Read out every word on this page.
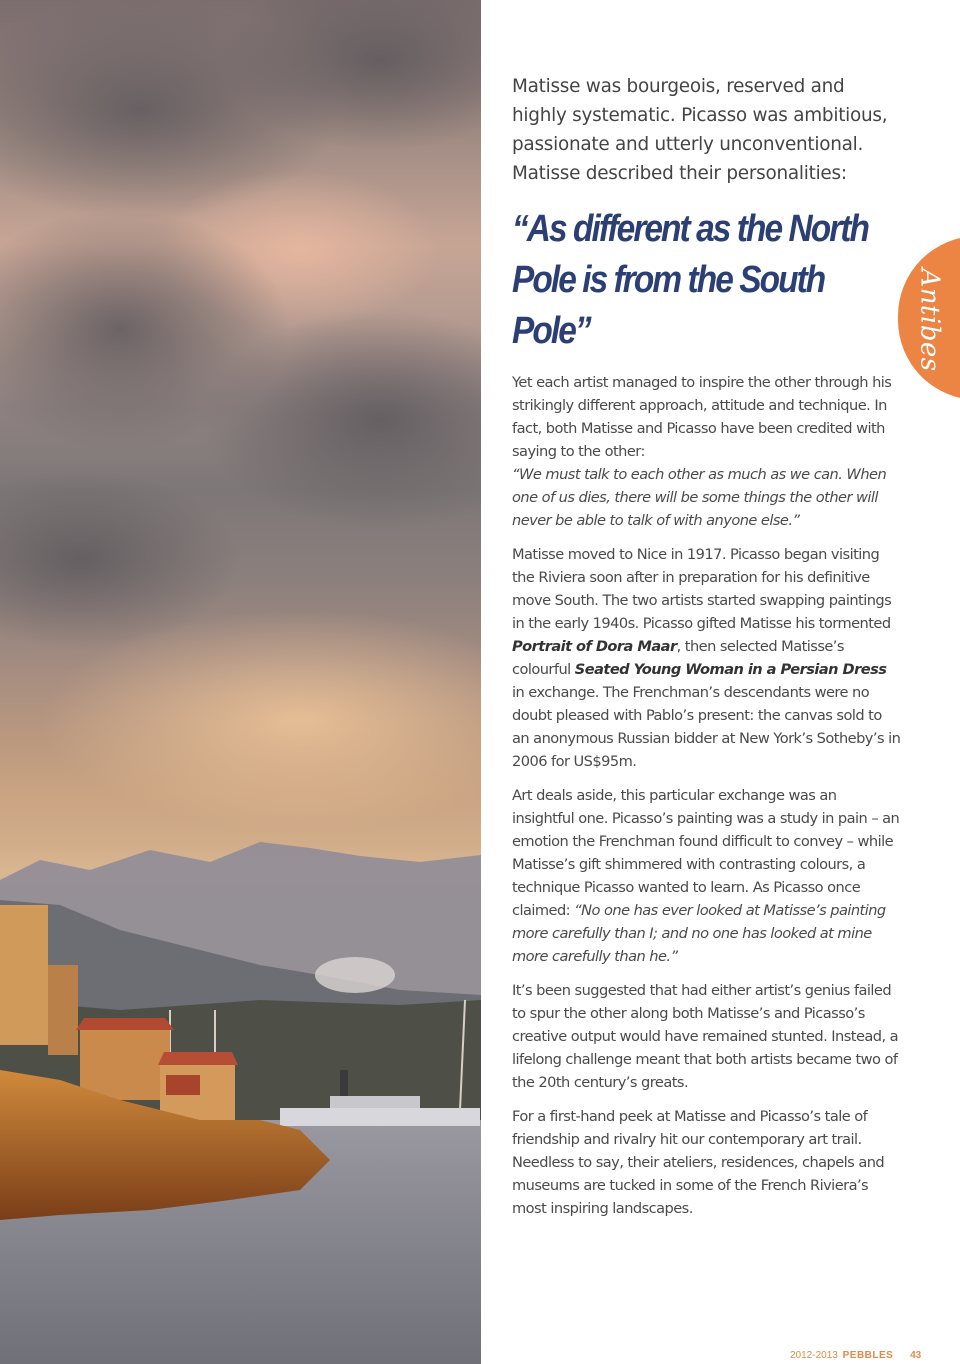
Antibes

Matisse was bourgeois, reserved and highly systematic. Picasso was ambitious, passionate and utterly unconventional. Matisse described their personalities:

“As different as the North
Pole is from the South Pole”

Yet each artist managed to inspire the other through his strikingly different approach, attitude and technique. In fact, both Matisse and Picasso have been credited with saying to the other:
“We must talk to each other as much as we can. When one of us dies, there will be some things the other will never be able to talk of with anyone else.”

Matisse moved to Nice in 1917. Picasso began visiting the Riviera soon after in preparation for his definitive move South. The two artists started swapping paintings in the early 1940s. Picasso gifted Matisse his tormented Portrait of Dora Maar, then selected Matisse’s colourful Seated Young Woman in a Persian Dress in exchange. The Frenchman’s descendants were no doubt pleased with Pablo’s present: the canvas sold to an anonymous Russian bidder at New York’s Sotheby’s in 2006 for US$95m.

Art deals aside, this particular exchange was an insightful one. Picasso’s painting was a study in pain – an emotion the Frenchman found difficult to convey – while Matisse’s gift shimmered with contrasting colours, a technique Picasso wanted to learn. As Picasso once claimed: “No one has ever looked at Matisse’s painting more carefully than I; and no one has looked at mine more carefully than he.”

It’s been suggested that had either artist’s genius failed to spur the other along both Matisse’s and Picasso’s creative output would have remained stunted. Instead, a lifelong challenge meant that both artists became two of the 20th century’s greats.

For a first-hand peek at Matisse and Picasso’s tale of friendship and rivalry hit our contemporary art trail. Needless to say, their ateliers, residences, chapels and museums are tucked in some of the French Riviera’s most inspiring landscapes.

2012-2013 PEBBLES 43
